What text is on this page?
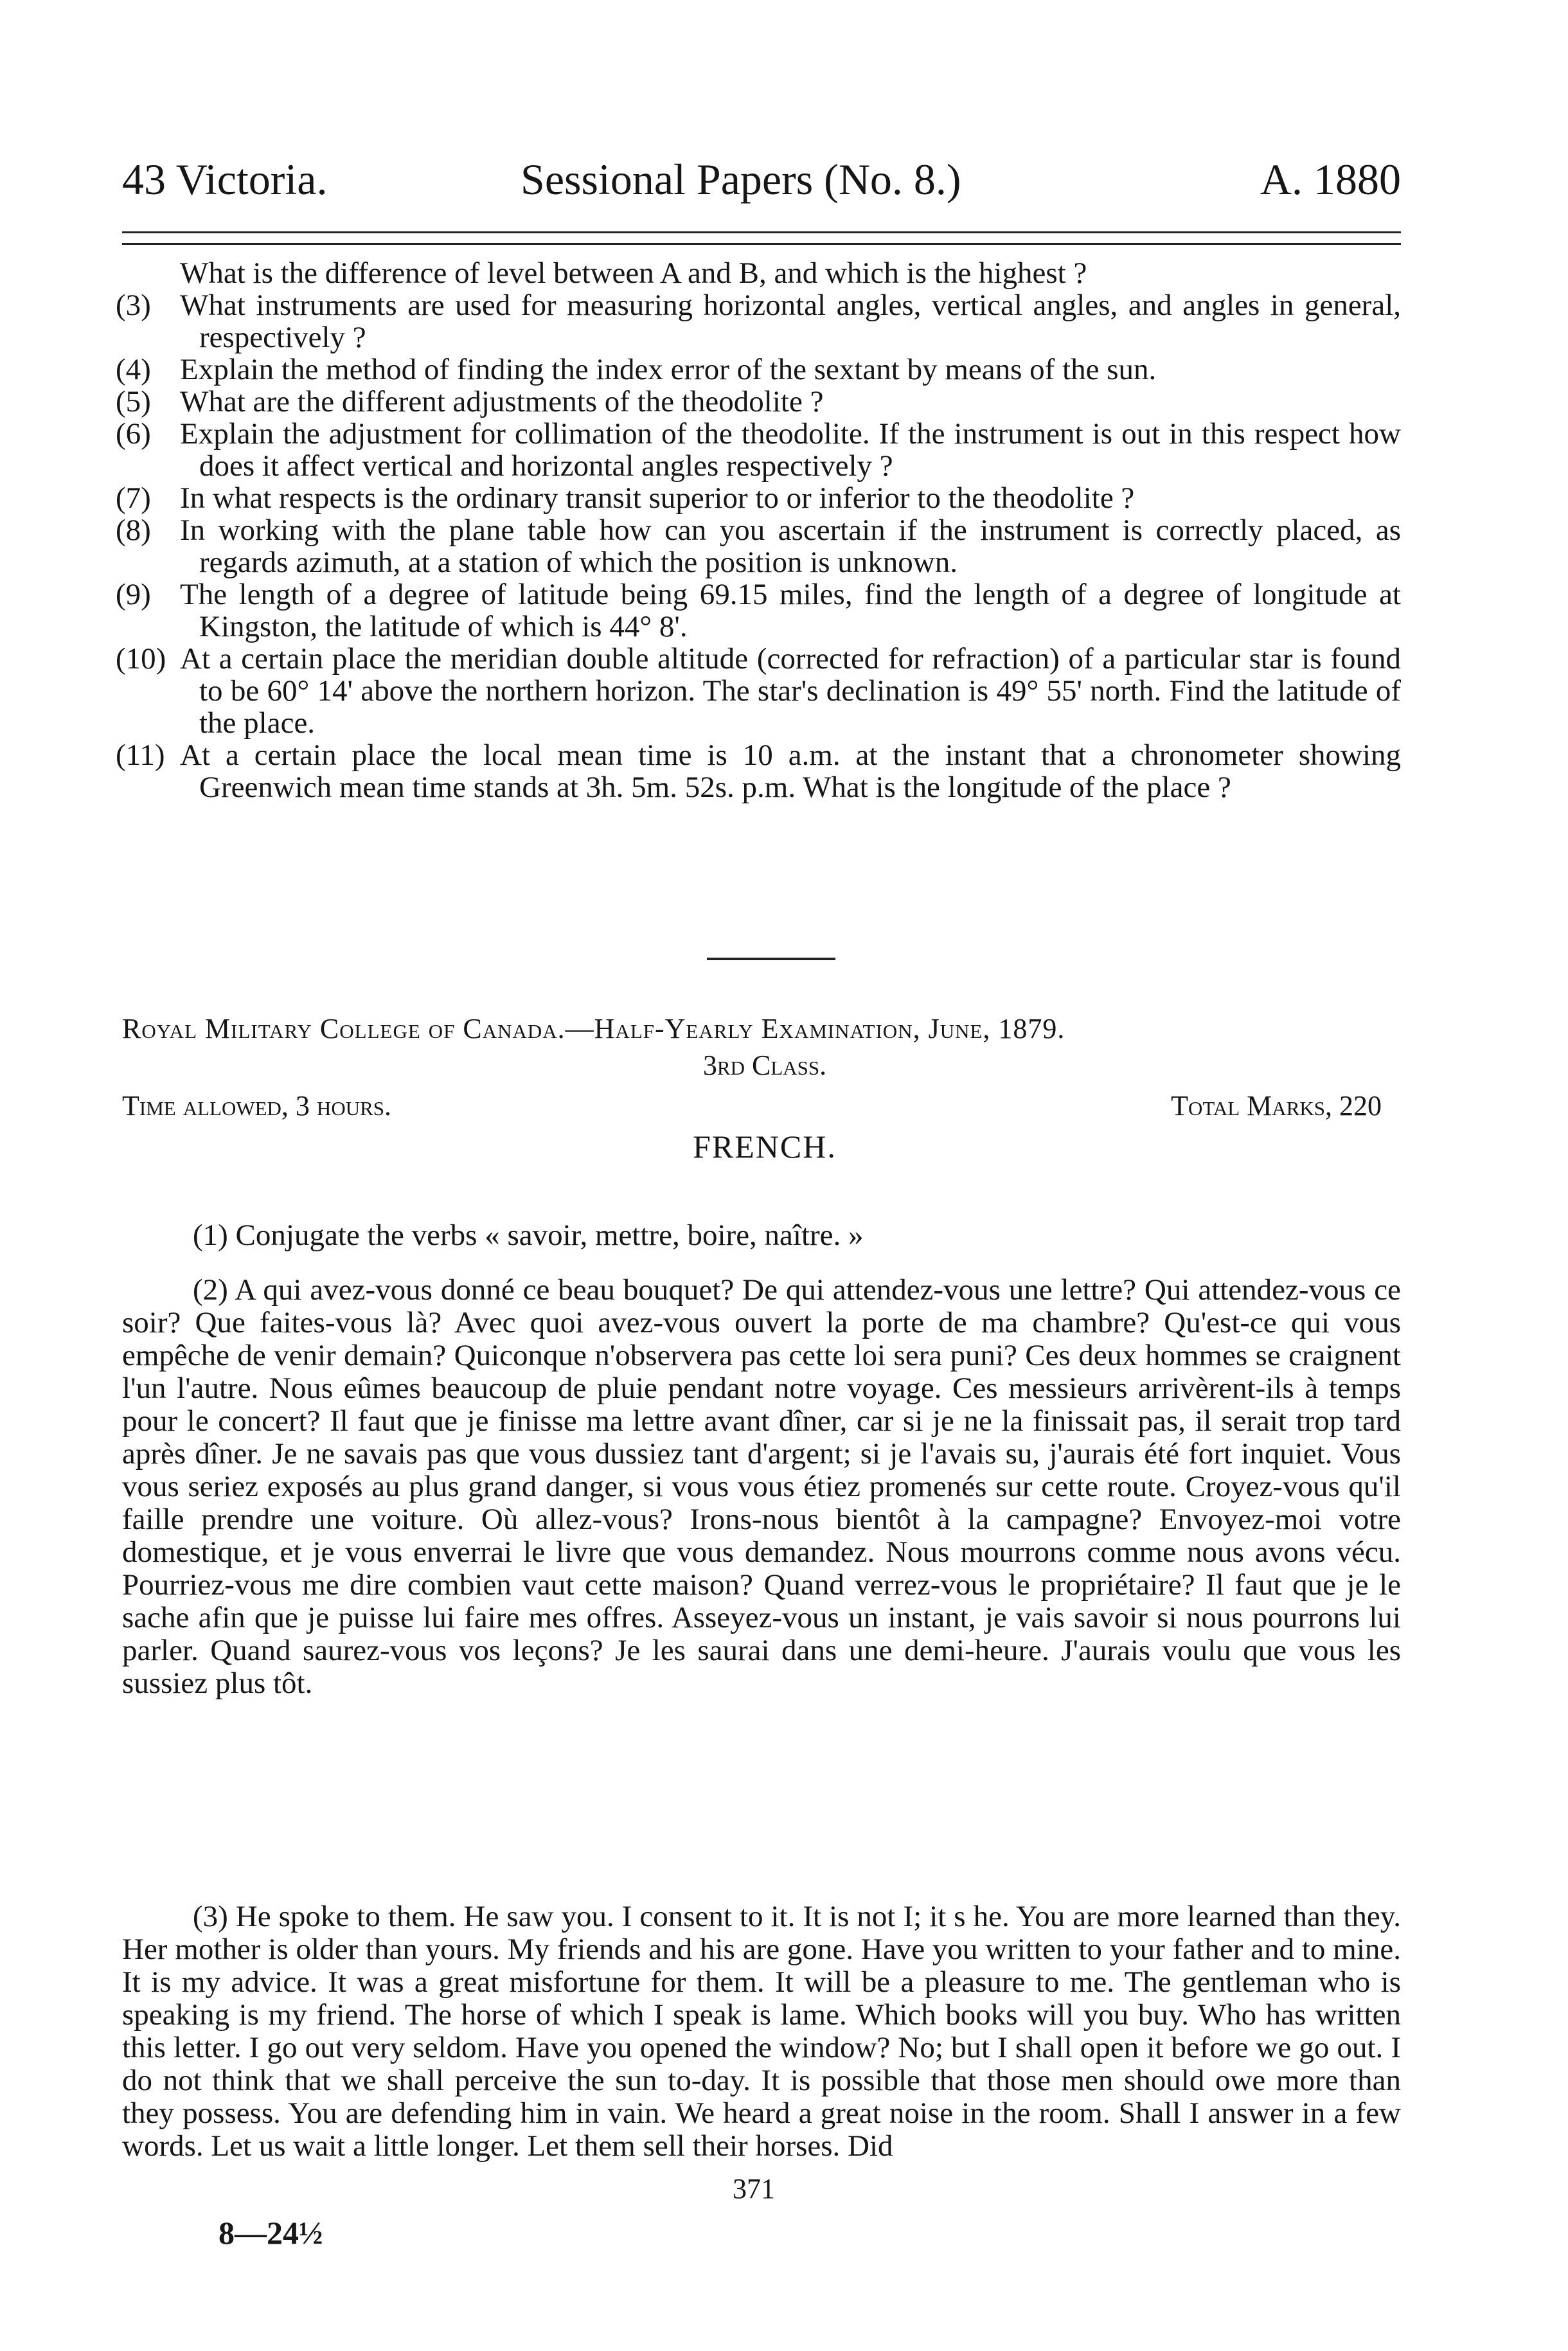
43 Victoria.	Sessional Papers (No. 8.)	A. 1880
What is the difference of level between A and B, and which is the highest ?
(3) What instruments are used for measuring horizontal angles, vertical angles, and angles in general, respectively ?
(4) Explain the method of finding the index error of the sextant by means of the sun.
(5) What are the different adjustments of the theodolite ?
(6) Explain the adjustment for collimation of the theodolite. If the instrument is out in this respect how does it affect vertical and horizontal angles respectively ?
(7) In what respects is the ordinary transit superior to or inferior to the theodolite ?
(8) In working with the plane table how can you ascertain if the instrument is correctly placed, as regards azimuth, at a station of which the position is unknown.
(9) The length of a degree of latitude being 69.15 miles, find the length of a degree of longitude at Kingston, the latitude of which is 44° 8'.
(10) At a certain place the meridian double altitude (corrected for refraction) of a particular star is found to be 60° 14' above the northern horizon. The star's declination is 49° 55' north. Find the latitude of the place.
(11) At a certain place the local mean time is 10 a.m. at the instant that a chronometer showing Greenwich mean time stands at 3h. 5m. 52s. p.m. What is the longitude of the place ?
Royal Military College of Canada.—Half-Yearly Examination, June, 1879.
3rd Class.
Time allowed, 3 hours.	Total Marks, 220
FRENCH.

(1) Conjugate the verbs « savoir, mettre, boire, naître. »

(2) A qui avez-vous donné ce beau bouquet? De qui attendez-vous une lettre? Qui attendez-vous ce soir? Que faites-vous là? Avec quoi avez-vous ouvert la porte de ma chambre? Qu'est-ce qui vous empêche de venir demain? Quiconque n'observera pas cette loi sera puni? Ces deux hommes se craignent l'un l'autre. Nous eûmes beaucoup de pluie pendant notre voyage. Ces messieurs arrivèrent-ils à temps pour le concert? Il faut que je finisse ma lettre avant dîner, car si je ne la finissait pas, il serait trop tard après dîner. Je ne savais pas que vous dussiez tant d'argent; si je l'avais su, j'aurais été fort inquiet. Vous vous seriez exposés au plus grand danger, si vous vous étiez promenés sur cette route. Croyez-vous qu'il faille prendre une voiture. Où allez-vous? Irons-nous bientôt à la campagne? Envoyez-moi votre domestique, et je vous enverrai le livre que vous demandez. Nous mourrons comme nous avons vécu. Pourriez-vous me dire combien vaut cette maison? Quand verrez-vous le propriétaire? Il faut que je le sache afin que je puisse lui faire mes offres. Asseyez-vous un instant, je vais savoir si nous pourrons lui parler. Quand saurez-vous vos leçons? Je les saurai dans une demi-heure. J'aurais voulu que vous les sussiez plus tôt.

(3) He spoke to them. He saw you. I consent to it. It is not I; it s he. You are more learned than they. Her mother is older than yours. My friends and his are gone. Have you written to your father and to mine. It is my advice. It was a great misfortune for them. It will be a pleasure to me. The gentleman who is speaking is my friend. The horse of which I speak is lame. Which books will you buy. Who has written this letter. I go out very seldom. Have you opened the window? No; but I shall open it before we go out. I do not think that we shall perceive the sun to-day. It is possible that those men should owe more than they possess. You are defending him in vain. We heard a great noise in the room. Shall I answer in a few words. Let us wait a little longer. Let them sell their horses. Did

371
8—24½
